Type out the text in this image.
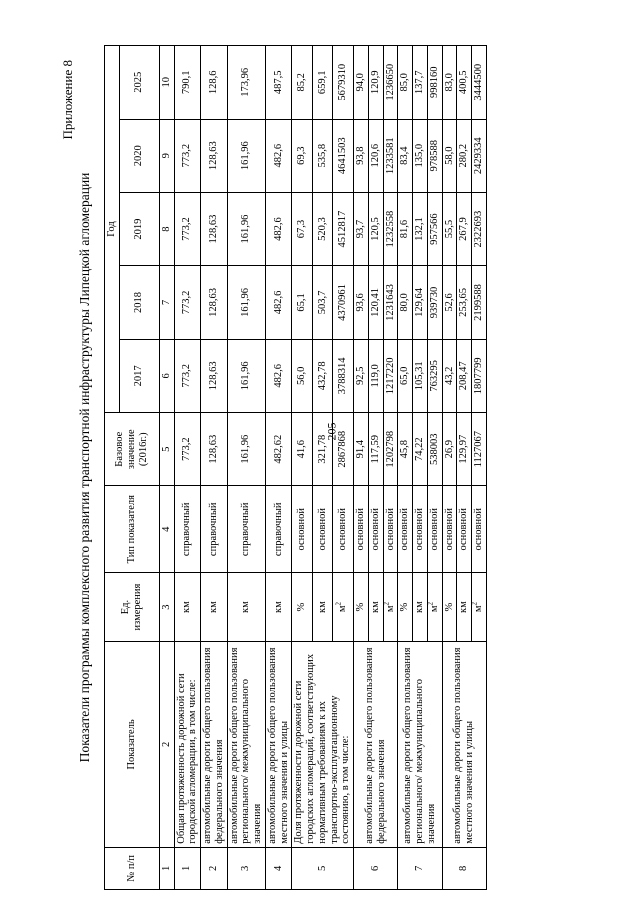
205
Приложение 8
Показатели программы комплексного развития транспортной инфраструктуры Липецкой агломерации
№ п/п	Показатель	Ед. измерения	Тип показателя	Базовое значение (2016г.)	Год				
					2017	2018	2019	2020	2025
1	2	3	4	5	6	7	8	9	10
1	Общая протяженность дорожной сети городской агломерации, в том числе:	км	справочный	773,2	773,2	773,2	773,2	773,2	790,1
2	автомобильные дороги общего пользования федерального значения	км	справочный	128,63	128,63	128,63	128,63	128,63	128,6
3	автомобильные дороги общего пользования регионального/ межмуниципального значения	км	справочный	161,96	161,96	161,96	161,96	161,96	173,96
4	автомобильные дороги общего пользования местного значения и улицы	км	справочный	482,62	482,6	482,6	482,6	482,6	487,5
5	Доля протяженности дорожной сети городских агломераций, соответствующих нормативным требованиям к их транспортно-эксплуатационному состоянию, в том числе:	%	основной	41,6	56,0	65,1	67,3	69,3	85,2
		км	основной	321,78	432,78	503,7	520,3	535,8	659,1
		$м^2$	основной	2867868	3788314	4370961	4512817	4641503	5679310
6	автомобильные дороги общего пользования федерального значения	%	основной	91,4	92,5	93,6	93,7	93,8	94,0
		км	основной	117,59	119,0	120,41	120,5	120,6	120,9
		$м^2$	основной	1202798	1217220	1231643	1232558	1233581	1236650
7	автомобильные дороги общего пользования регионального/ межмуниципального значения	%	основной	45,8	65,0	80,0	81,6	83,4	85,0
		км	основной	74,22	105,31	129,64	132,1	135,0	137,7
		$м^2$	основной	538003	763295	939730	957566	978588	998160
8	автомобильные дороги общего пользования местного значения и улицы	%	основной	26,9	43,2	52,6	55,5	58,0	83,0
		км	основной	129,97	208,47	253,65	267,9	280,2	400,5
		$м^2$	основной	1127067	1807799	2199588	2322693	2429334	3444500
